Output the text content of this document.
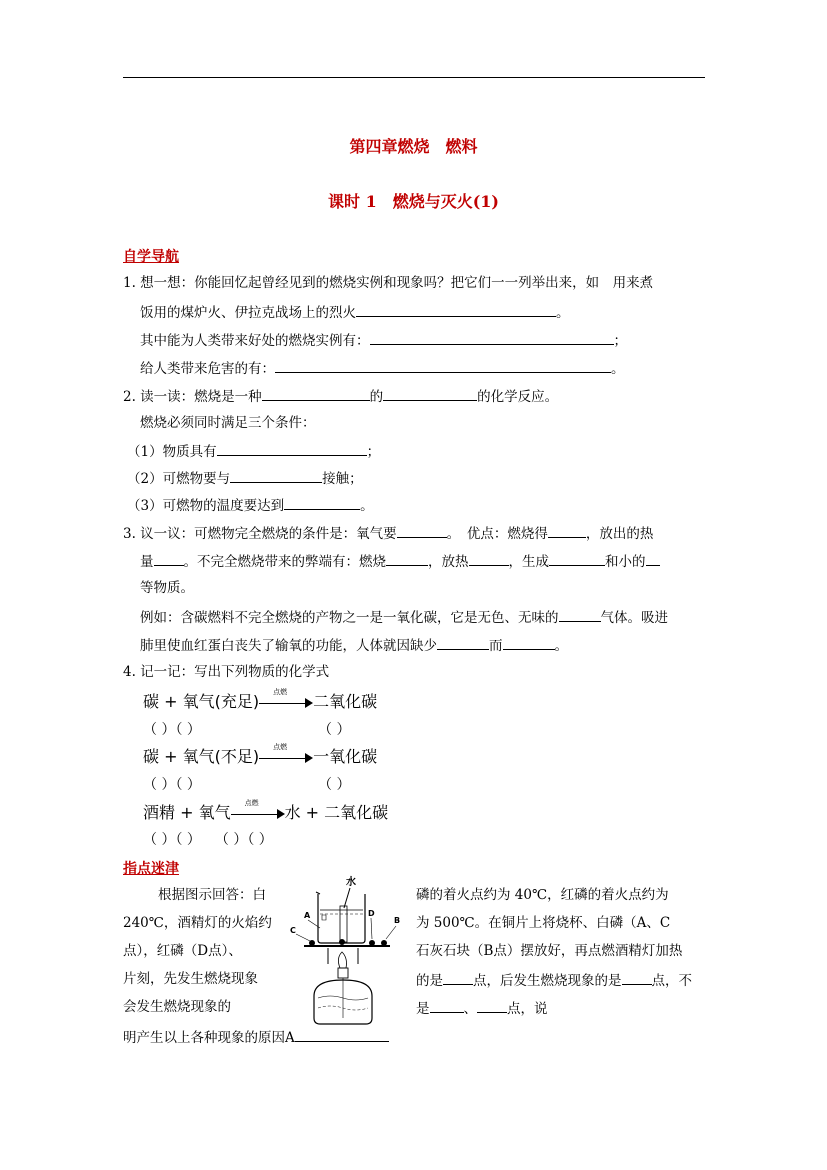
第四章燃烧　燃料
课时 1　燃烧与灭火(1)
自学导航
1. 想一想：你能回忆起曾经见到的燃烧实例和现象吗？把它们一一列举出来，如　用来煮
饭用的煤炉火、伊拉克战场上的烈火	。
其中能为人类带来好处的燃烧实例有：	；
给人类带来危害的有：	。
2. 读一读：燃烧是一种	的	的化学反应。
燃烧必须同时满足三个条件：
（1）物质具有	；
（2）可燃物要与	接触；
（3）可燃物的温度要达到	。
3. 议一议：可燃物完全燃烧的条件是：氧气要	。　优点：燃烧得	，放出的热
量 。不完全燃烧带来的弊端有：燃烧	，放热	，生成	和小的
等物质。
例如：含碳燃料不完全燃烧的产物之一是一氧化碳，它是无色、无味的	气体。吸进
肺里使血红蛋白丧失了输氧的功能，人体就因缺少	而	。
4. 记一记：写出下列物质的化学式
碳 + 氧气(充足)
点燃
二氧化碳
（ ）（ ）	（ ）
碳 + 氧气(不足)
点燃
一氧化碳
（ ）（ ）	（ ）
酒精 + 氧气
点燃
水 + 二氧化碳
（ ）（ ）　　（ ）（ ）
指点迷津
根据图示回答：白
240℃，酒精灯的火焰约
点），红磷（D点）、
片刻，先发生燃烧现象
会发生燃烧现象的
磷的着火点约为 40℃，红磷的着火点约为
为 500℃。在铜片上将烧杯、白磷（A、C
石灰石块（B点）摆放好，再点燃酒精灯加热
的是 点，后发生燃烧现象的是 点，不
是	、 点，说
明产生以上各种现象的原因A
水
A
C
D
B
